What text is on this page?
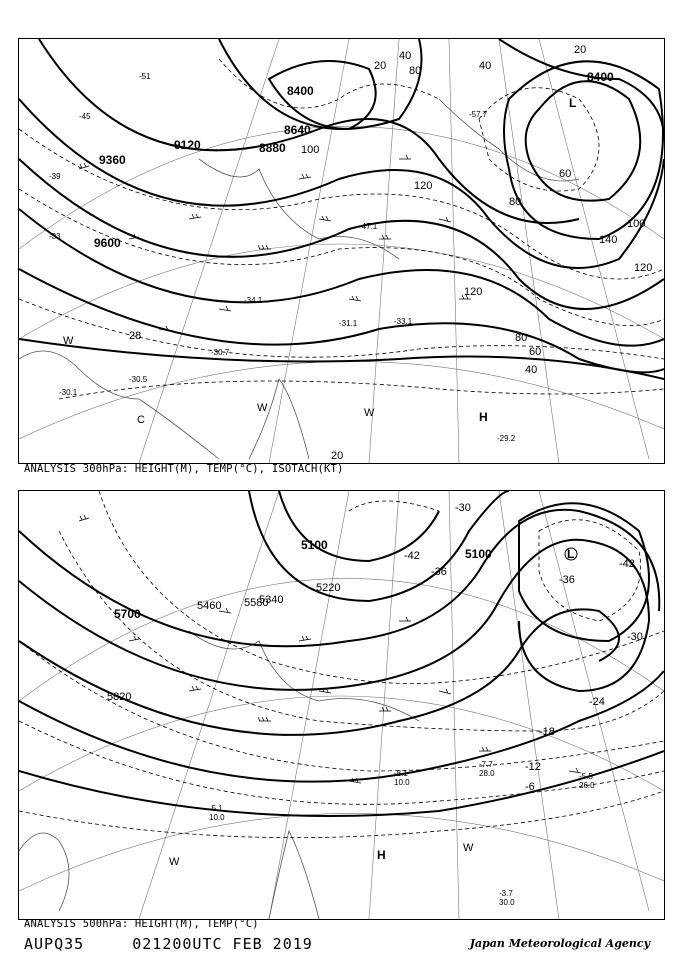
8400
8640
8880
9120
9360
9600
8400
20
40
60
80
100
120
140
120
80
60
40
28
20
20
40
80
100
120
-51
-45
-39
-33
-57.7
-47.1
-34.1
-33.1
-31.1
-30.7
-30.5
-30.1
-29.2
L
H
C
W	W
W
ANALYSIS 300hPa: HEIGHT(M), TEMP(°C), ISOTACH(KT)
5100
5100
5220
5340
5460 5580
5700
5820
-42
-36
-30
-24
-18
-12
-6
-30
-36
-42
-8.1
10.0
-7.7
28.0	-5.5
26.0
-3.7
30.0
-5.1
10.0
L
H
W
W
ANALYSIS 500hPa: HEIGHT(M), TEMP(°C)
AUPQ35	021200UTC FEB 2019	Japan Meteorological Agency
